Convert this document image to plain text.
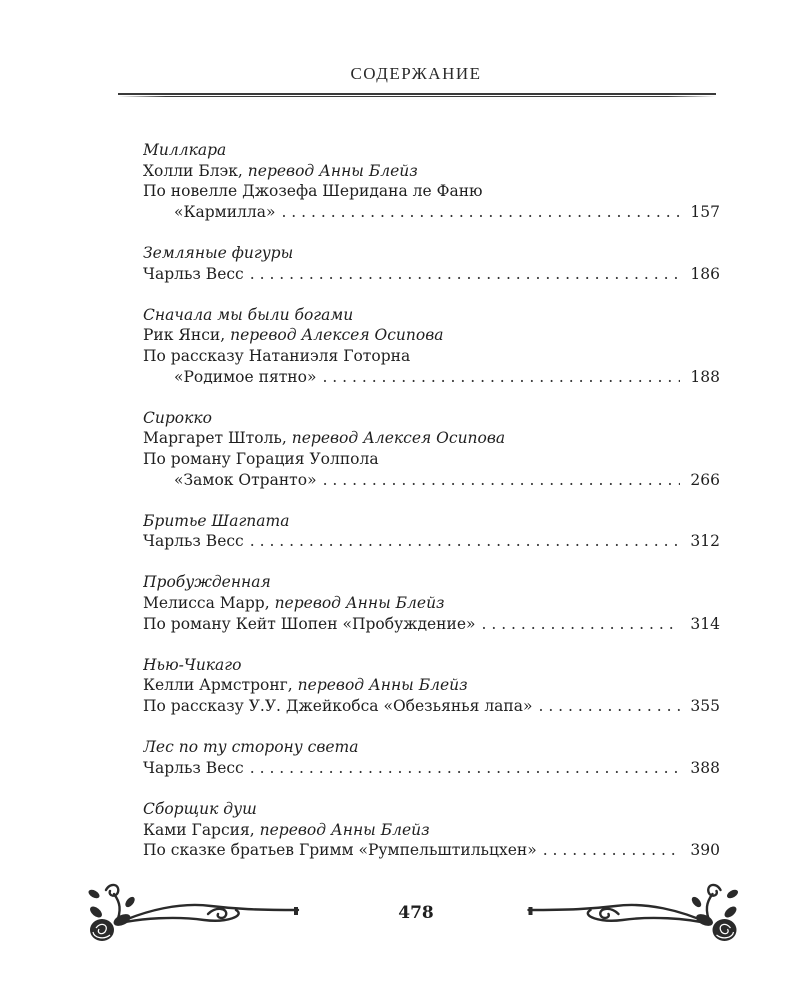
СОДЕРЖАНИЕ
Миллкара
Холли Блэк, перевод Анны Блейз
По новелле Джозефа Шеридана ле Фаню
«Кармилла» . . .	157
Земляные фигуры
Чарльз Весс . . .	186
Сначала мы были богами
Рик Янси, перевод Алексея Осипова
По рассказу Натаниэля Готорна
«Родимое пятно» . . .	188
Сирокко
Маргарет Штоль, перевод Алексея Осипова
По роману Горация Уолпола
«Замок Отранто» . . .	266
Бритье Шагпата
Чарльз Весс . . .	312
Пробужденная
Мелисса Марр, перевод Анны Блейз
По роману Кейт Шопен «Пробуждение» . . .	314
Нью-Чикаго
Келли Армстронг, перевод Анны Блейз
По рассказу У.У. Джейкобса «Обезьянья лапа» . . .	355
Лес по ту сторону света
Чарльз Весс . . .	388
Сборщик душ
Ками Гарсия, перевод Анны Блейз
По сказке братьев Гримм «Румпельштильцхен» . . .	390
478
